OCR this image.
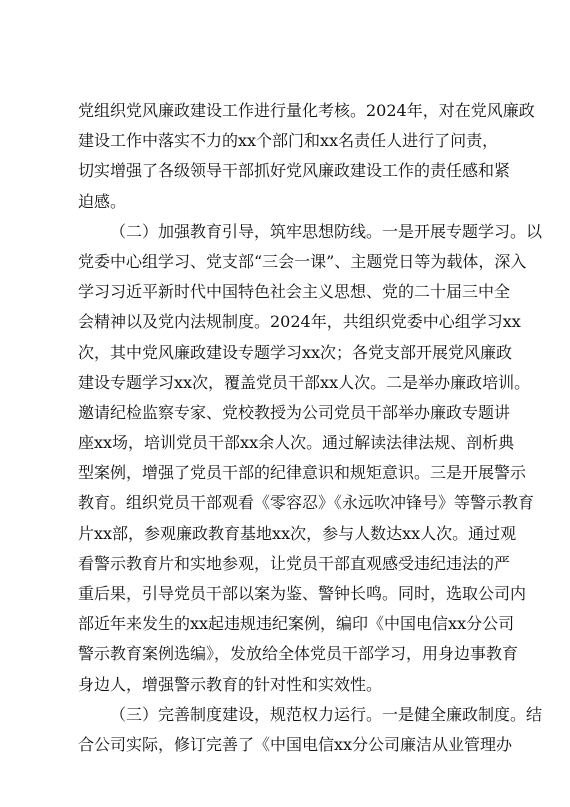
党组织党风廉政建设工作进行量化考核。2024年，对在党风廉政
建设工作中落实不力的xx个部门和xx名责任人进行了问责，
切实增强了各级领导干部抓好党风廉政建设工作的责任感和紧
迫感。
（二）加强教育引导，筑牢思想防线。一是开展专题学习。以
党委中心组学习、党支部“三会一课”、主题党日等为载体，深入
学习习近平新时代中国特色社会主义思想、党的二十届三中全
会精神以及党内法规制度。2024年，共组织党委中心组学习xx
次，其中党风廉政建设专题学习xx次；各党支部开展党风廉政
建设专题学习xx次，覆盖党员干部xx人次。二是举办廉政培训。
邀请纪检监察专家、党校教授为公司党员干部举办廉政专题讲
座xx场，培训党员干部xx余人次。通过解读法律法规、剖析典
型案例，增强了党员干部的纪律意识和规矩意识。三是开展警示
教育。组织党员干部观看《零容忍》《永远吹冲锋号》等警示教育
片xx部，参观廉政教育基地xx次，参与人数达xx人次。通过观
看警示教育片和实地参观，让党员干部直观感受违纪违法的严
重后果，引导党员干部以案为鉴、警钟长鸣。同时，选取公司内
部近年来发生的xx起违规违纪案例，编印《中国电信xx分公司
警示教育案例选编》，发放给全体党员干部学习，用身边事教育
身边人，增强警示教育的针对性和实效性。
（三）完善制度建设，规范权力运行。一是健全廉政制度。结
合公司实际，修订完善了《中国电信xx分公司廉洁从业管理办
